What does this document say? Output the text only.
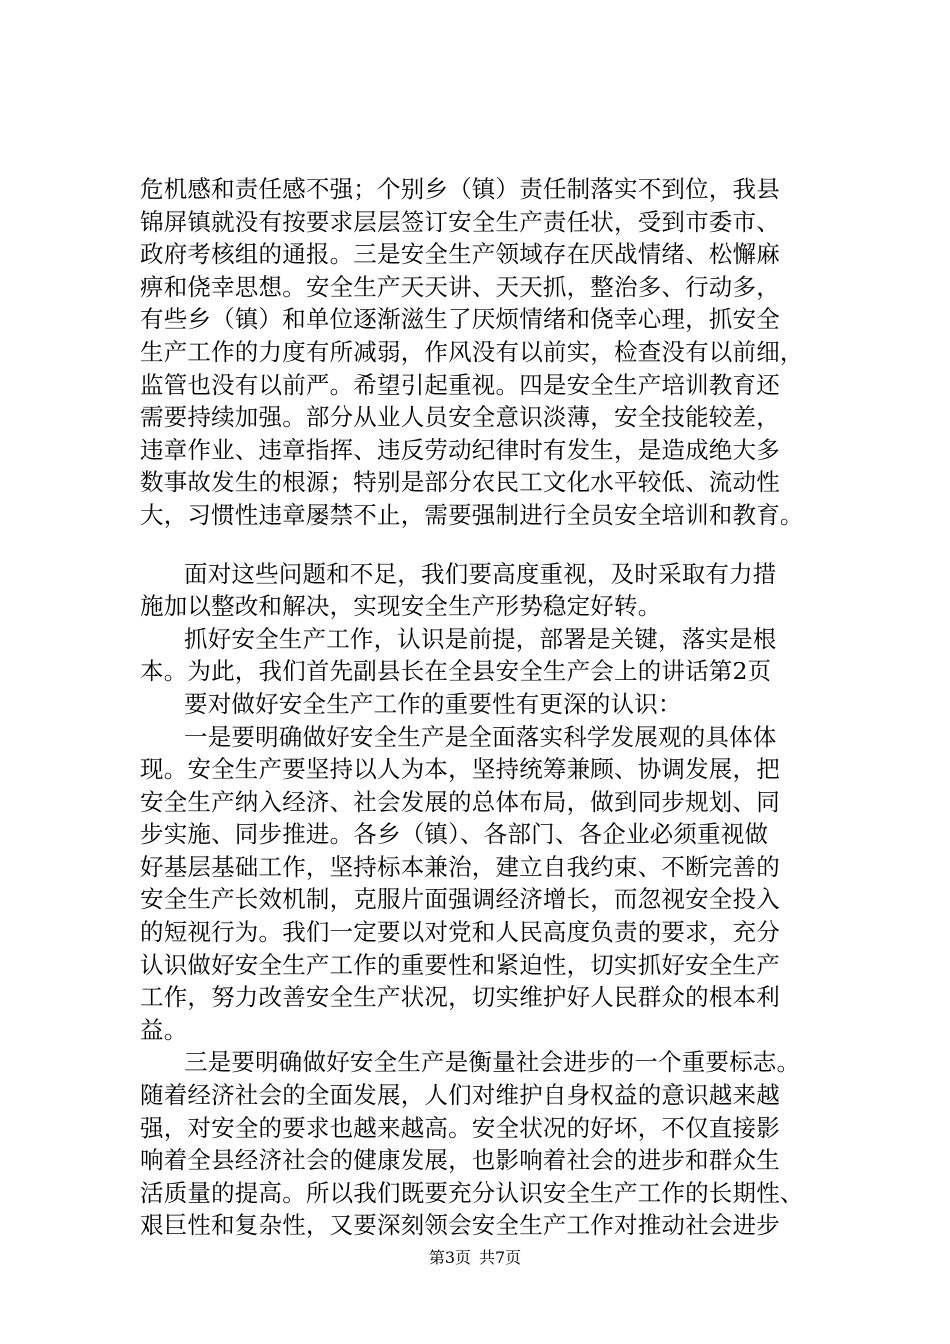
危机感和责任感不强；个别乡（镇）责任制落实不到位，我县
锦屏镇就没有按要求层层签订安全生产责任状，受到市委市、
政府考核组的通报。三是安全生产领域存在厌战情绪、松懈麻
痹和侥幸思想。安全生产天天讲、天天抓，整治多、行动多，
有些乡（镇）和单位逐渐滋生了厌烦情绪和侥幸心理，抓安全
生产工作的力度有所减弱，作风没有以前实，检查没有以前细，
监管也没有以前严。希望引起重视。四是安全生产培训教育还
需要持续加强。部分从业人员安全意识淡薄，安全技能较差，
违章作业、违章指挥、违反劳动纪律时有发生，是造成绝大多
数事故发生的根源；特别是部分农民工文化水平较低、流动性
大，习惯性违章屡禁不止，需要强制进行全员安全培训和教育。
面对这些问题和不足，我们要高度重视，及时采取有力措
施加以整改和解决，实现安全生产形势稳定好转。
抓好安全生产工作，认识是前提，部署是关键，落实是根
本。为此，我们首先副县长在全县安全生产会上的讲话第2页
要对做好安全生产工作的重要性有更深的认识：
一是要明确做好安全生产是全面落实科学发展观的具体体
现。安全生产要坚持以人为本，坚持统筹兼顾、协调发展，把
安全生产纳入经济、社会发展的总体布局，做到同步规划、同
步实施、同步推进。各乡（镇）、各部门、各企业必须重视做
好基层基础工作，坚持标本兼治，建立自我约束、不断完善的
安全生产长效机制，克服片面强调经济增长，而忽视安全投入
的短视行为。我们一定要以对党和人民高度负责的要求，充分
认识做好安全生产工作的重要性和紧迫性，切实抓好安全生产
工作，努力改善安全生产状况，切实维护好人民群众的根本利
益。
三是要明确做好安全生产是衡量社会进步的一个重要标志。
随着经济社会的全面发展，人们对维护自身权益的意识越来越
强，对安全的要求也越来越高。安全状况的好坏，不仅直接影
响着全县经济社会的健康发展，也影响着社会的进步和群众生
活质量的提高。所以我们既要充分认识安全生产工作的长期性、
艰巨性和复杂性，又要深刻领会安全生产工作对推动社会进步
第3页 共7页
